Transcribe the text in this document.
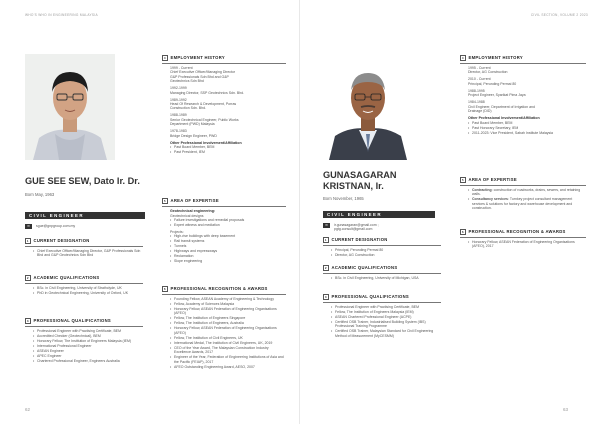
WHO'S WHO IN ENGINEERING MALAYSIA
GUE SEE SEW, Dato Ir. Dr.
Born May, 1963
CIVIL ENGINEER
✉	sgue@gnpgroup.com.my
1	CURRENT DESIGNATION
• Chief Executive Officer/Managing Director, G&P Professionals Sdn Bhd and G&P Geotechnics Sdn Bhd
2	ACADEMIC QUALIFICATIONS
• BSc. in Civil Engineering, University of Strathclyde, UK
• PhD in Geotechnical Engineering, University of Oxford, UK
3	PROFESSIONAL QUALIFICATIONS
• Professional Engineer with Practising Certificate, BEM
• Accredited Checker (Geotechnical), BEM
• Honorary Fellow, The Institution of Engineers Malaysia (IEM)
• International Professional Engineer
• ASEAN Engineer
• APEC Engineer
• Chartered Professional Engineer, Engineers Australia
4	EMPLOYMENT HISTORY
1999 - Current
Chief Executive Officer/Managing Director
G&P Professionals Sdn Bhd and G&P
Geotechnics Sdn Bhd
1992-1999
Managing Director, SSP Geotechnics Sdn. Bhd.
1989-1992
Head Of Research & Development, Porras
Construction Sdn. Bhd.
1988-1989
Senior Geotechnical Engineer, Public Works
Department (PWD) Malaysia
1978-1983
Bridge Design Engineer, PWD
Other Professional Involvement/Affiliation
• Past Board Member, BEM
• Past President, IEM
5	AREA OF EXPERTISE
Geotechnical engineering:
Geotechnical designs
• Failure investigations and remedial proposals
• Expert witness and mediation
Projects:
• High-rise buildings with deep basement
• Rail transit systems
• Tunnels
• Highways and expressways
• Reclamation
• Slope engineering
6	PROFESSIONAL RECOGNITION & AWARDS
• Founding Fellow, ASEAN Academy of Engineering & Technology
• Fellow, Academy of Sciences Malaysia
• Honorary Fellow, ASEAN Federation of Engineering Organisations (AFEO)
• Fellow, The Institution of Engineers Singapore
• Fellow, The Institution of Engineers, Australia
• Honorary Fellow, ASEAN Federation of Engineering Organisations (AFEO)
• Fellow, The Institution of Civil Engineers, UK
• International Medal, The Institution of Civil Engineers, UK, 2019
• CEO of the Year Award, The Malaysian Construction Industry Excellence Awards, 2017
• Engineer of the Year, Federation of Engineering Institutions of Asia and the Pacific (FEIAP), 2017
• AFEO Outstanding Engineering Award, AESO, 2007
62
CIVIL SECTION, VOLUME 2 2023
GUNASAGARAN KRISTNAN, Ir.
Born November, 1965
CIVIL ENGINEER
✉	ir.gunasagaran@gmail.com ; pgtg.consult@gmail.com
1	CURRENT DESIGNATION
• Principal, Perunding Permai 80
• Director, AG Construction
2	ACADEMIC QUALIFICATIONS
• BSc. in Civil Engineering, University of Michigan, USA
3	PROFESSIONAL QUALIFICATIONS
• Professional Engineer with Practising Certificate, BEM
• Fellow, The Institution of Engineers Malaysia (IEM)
• ASEAN Chartered Professional Engineer (ACPE)
• Certified OSB Trainer, Industrialised Building System (IBS) Professional Training Programme
• Certified OSB Trainer, Malaysian Standard for Civil Engineering Method of Measurement (MyCESMM)
4	EMPLOYMENT HISTORY
1995 - Current
Director, AG Construction
2010 - Current
Principal, Perunding Permai 80
1988-1995
Project Engineer, Syarikat Pima Jaya
1984-1988
Civil Engineer, Department of Irrigation and
Drainage (DID)
Other Professional Involvement/Affiliation
• Past Board Member, BEM
• Past Honorary Secretary, IEM
• 2011-2023: Vice President, Sabah Institute Malaysia
5	AREA OF EXPERTISE
• Contracting: construction of roadworks, drains, sewers, and retaining walls.
• Consultancy services: Turnkey project consultant management services & solutions for factory and warehouse development and construction.
6	PROFESSIONAL RECOGNITION & AWARDS
• Honorary Fellow, ASEAN Federation of Engineering Organisations (AFEO), 2017
63
